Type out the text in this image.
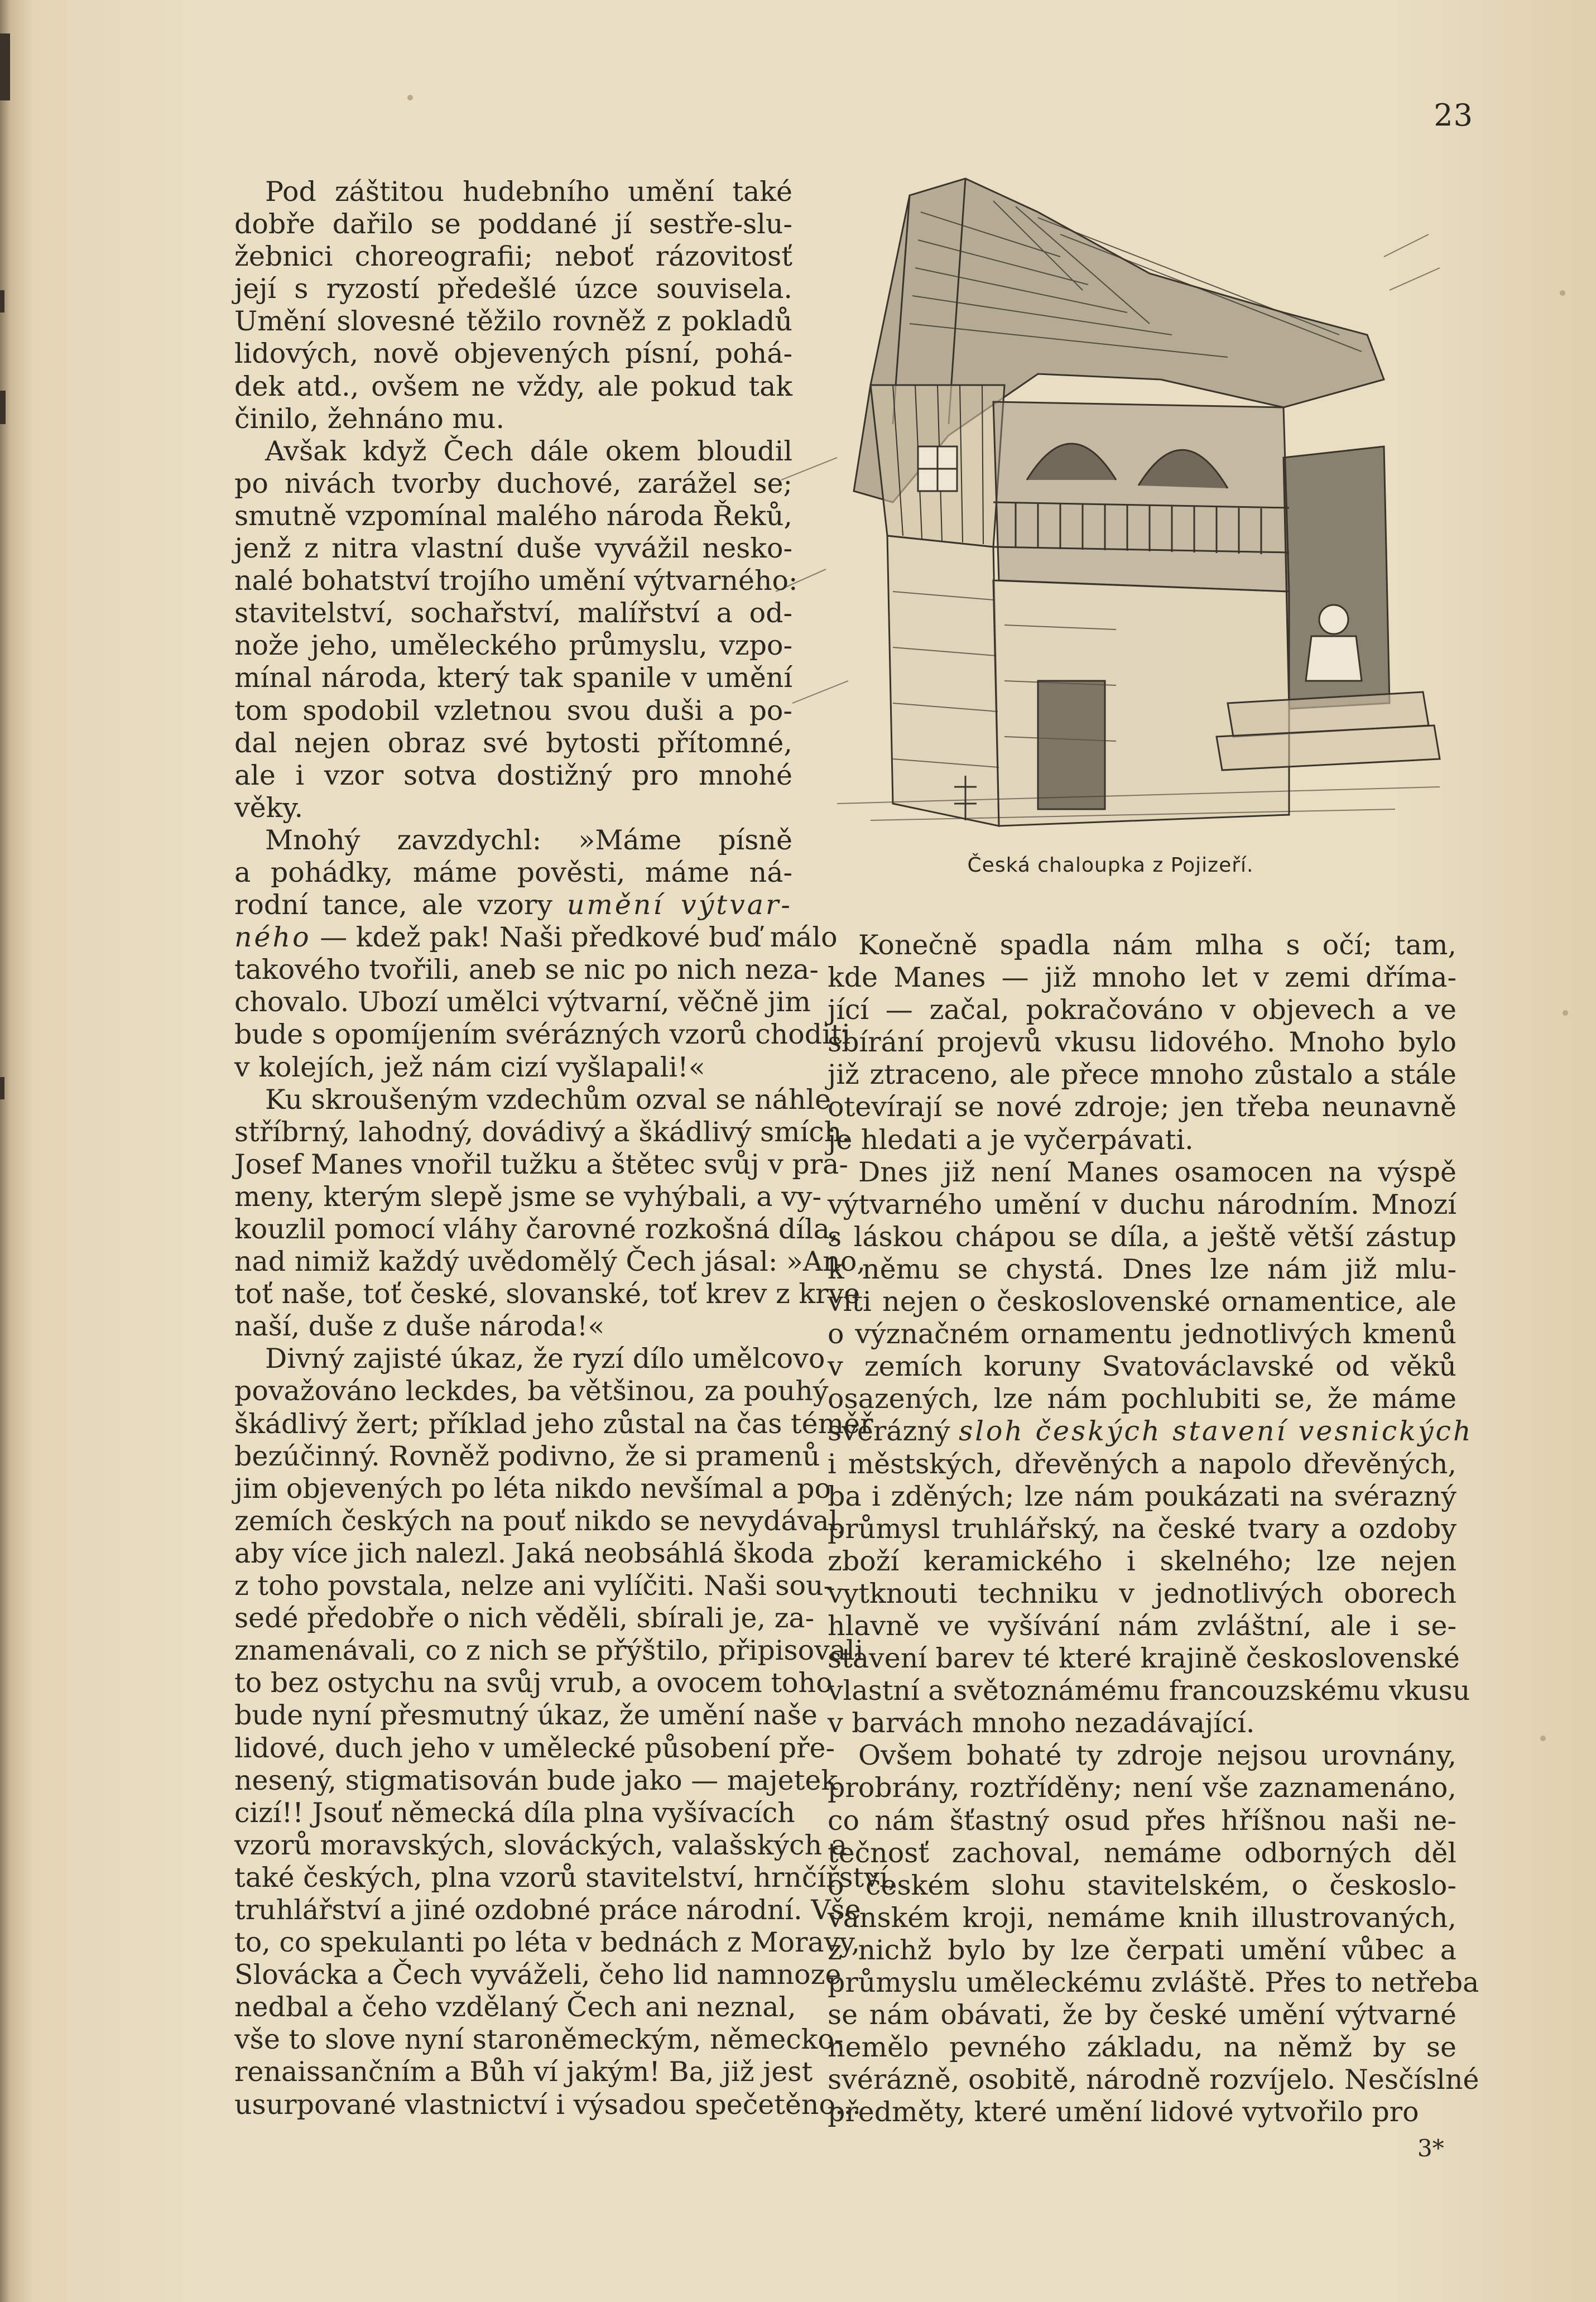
23

Pod záštitou hudebního umění také
dobře dařilo se poddané jí sestře-slu-
žebnici choreografii; neboť rázovitosť
její s ryzostí předešlé úzce souvisela.
Umění slovesné těžilo rovněž z pokladů
lidových, nově objevených písní, pohá-
dek atd., ovšem ne vždy, ale pokud tak
činilo, žehnáno mu.

Avšak když Čech dále okem bloudil
po nivách tvorby duchové, zarážel se;
smutně vzpomínal malého národa Řeků,
jenž z nitra vlastní duše vyvážil nesko-
nalé bohatství trojího umění výtvarného:
stavitelství, sochařství, malířství a od-
nože jeho, uměleckého průmyslu, vzpo-
mínal národa, který tak spanile v umění
tom spodobil vzletnou svou duši a po-
dal nejen obraz své bytosti přítomné,
ale i vzor sotva dostižný pro mnohé
věky.

Mnohý zavzdychl: »Máme písně
a pohádky, máme pověsti, máme ná-
rodní tance, ale vzory umění výtvar-
ného — kdež pak! Naši předkové buď málo
takového tvořili, aneb se nic po nich neza-
chovalo. Ubozí umělci výtvarní, věčně jim
bude s opomíjením svérázných vzorů choditi
v kolejích, jež nám cizí vyšlapali!«

Ku skroušeným vzdechům ozval se náhle
stříbrný, lahodný, dovádivý a škádlivý smích.
Josef Manes vnořil tužku a štětec svůj v pra-
meny, kterým slepě jsme se vyhýbali, a vy-
kouzlil pomocí vláhy čarovné rozkošná díla,
nad nimiž každý uvědomělý Čech jásal: »Ano,
toť naše, toť české, slovanské, toť krev z krve
naší, duše z duše národa!«

Divný zajisté úkaz, že ryzí dílo umělcovo
považováno leckdes, ba většinou, za pouhý
škádlivý žert; příklad jeho zůstal na čas téměř
bezúčinný. Rovněž podivno, že si pramenů
jim objevených po léta nikdo nevšímal a po
zemích českých na pouť nikdo se nevydával,
aby více jich nalezl. Jaká neobsáhlá škoda
z toho povstala, nelze ani vylíčiti. Naši sou-
sedé předobře o nich věděli, sbírali je, za-
znamenávali, co z nich se přýštilo, připisovali
to bez ostychu na svůj vrub, a ovocem toho
bude nyní přesmutný úkaz, že umění naše
lidové, duch jeho v umělecké působení pře-
nesený, stigmatisován bude jako — majetek
cizí!! Jsouť německá díla plna vyšívacích
vzorů moravských, slováckých, valašských a
také českých, plna vzorů stavitelství, hrnčířství,
truhlářství a jiné ozdobné práce národní. Vše
to, co spekulanti po léta v bednách z Moravy,
Slovácka a Čech vyváželi, čeho lid namnoze
nedbal a čeho vzdělaný Čech ani neznal,
vše to slove nyní staroněmeckým, německo-
renaissančním a Bůh ví jakým! Ba, již jest
usurpované vlastnictví i výsadou spečetěno...

Konečně spadla nám mlha s očí; tam,
kde Manes — již mnoho let v zemi dříma-
jící — začal, pokračováno v objevech a ve
sbírání projevů vkusu lidového. Mnoho bylo
již ztraceno, ale přece mnoho zůstalo a stále
otevírají se nové zdroje; jen třeba neunavně
je hledati a je vyčerpávati.

Dnes již není Manes osamocen na výspě
výtvarného umění v duchu národním. Mnozí
s láskou chápou se díla, a ještě větší zástup
k němu se chystá. Dnes lze nám již mlu-
viti nejen o československé ornamentice, ale
o význačném ornamentu jednotlivých kmenů
v zemích koruny Svatováclavské od věků
osazených, lze nám pochlubiti se, že máme
svérázný sloh českých stavení vesnických
i městských, dřevěných a napolo dřevěných,
ba i zděných; lze nám poukázati na svérazný
průmysl truhlářský, na české tvary a ozdoby
zboží keramického i skelného; lze nejen
vytknouti techniku v jednotlivých oborech
hlavně ve vyšívání nám zvláštní, ale i se-
stavení barev té které krajině československé
vlastní a světoznámému francouzskému vkusu
v barvách mnoho nezadávající.

Ovšem bohaté ty zdroje nejsou urovnány,
probrány, roztříděny; není vše zaznamenáno,
co nám šťastný osud přes hříšnou naši ne-
tečnosť zachoval, nemáme odborných děl
o českém slohu stavitelském, o českoslo-
vanském kroji, nemáme knih illustrovaných,
z nichž bylo by lze čerpati umění vůbec a
průmyslu uměleckému zvláště. Přes to netřeba
se nám obávati, že by české umění výtvarné
nemělo pevného základu, na němž by se
svérázně, osobitě, národně rozvíjelo. Nesčíslné
předměty, které umění lidové vytvořilo pro

Česká chaloupka z Pojizeří.
3*
